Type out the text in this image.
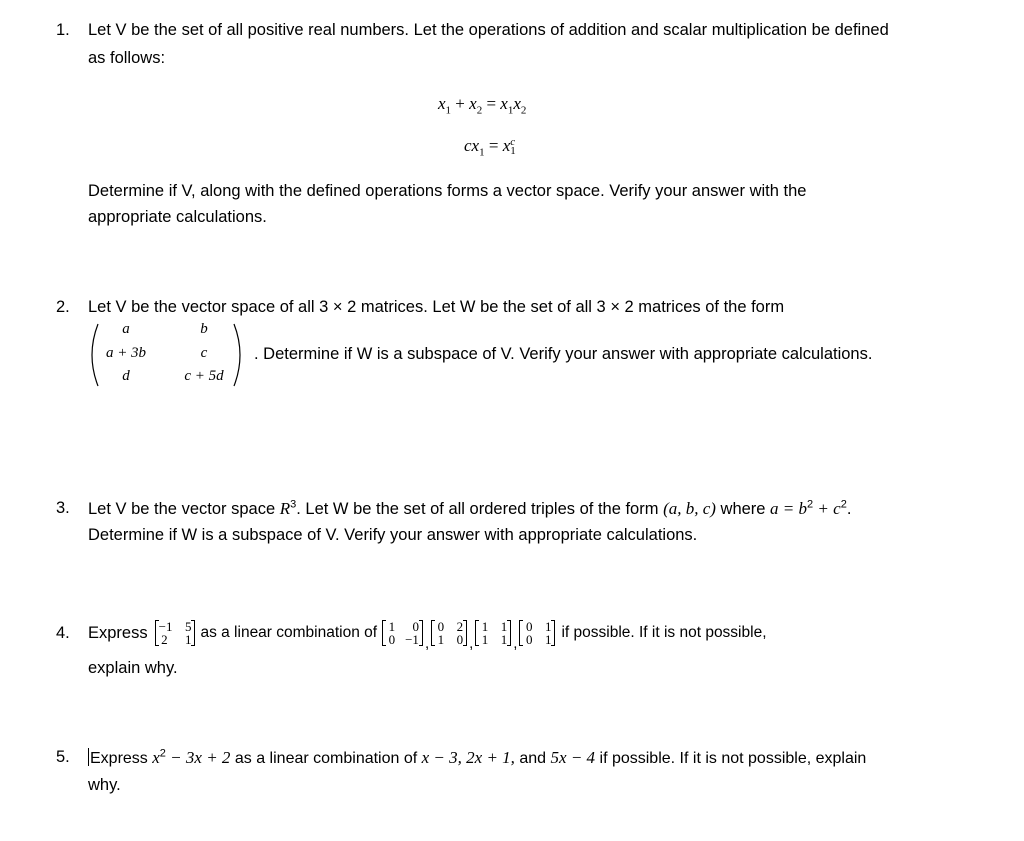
1. Let V be the set of all positive real numbers. Let the operations of addition and scalar multiplication be defined
as follows:
$x_1 + x_2 = x_1x_2$
$cx_1 = x$ c
1
Determine if V, along with the defined operations forms a vector space. Verify your answer with the
appropriate calculations.
2. Let V be the vector space of all 3 × 2 matrices. Let W be the set of all 3 × 2 matrices of the form
a	b
a + 3b	c
d	c + 5d
. Determine if W is a subspace of V. Verify your answer with appropriate calculations.
3. Let V be the vector space $R^3$. Let W be the set of all ordered triples of the form (a, b, c) where $a = b^2 + c^2$.
Determine if W is a subspace of V. Verify your answer with appropriate calculations.
4. Express −1 5
2 1 as a linear combination of 1 0
0 −1 ,
0 2
1 0 ,
1 1
1 1 ,
0 1
0 1 if possible. If it is not possible,
explain why.
5. Express $x^2 - 3x + 2$ as a linear combination of x − 3, 2x + 1, and 5x − 4 if possible. If it is not possible, explain
why.
